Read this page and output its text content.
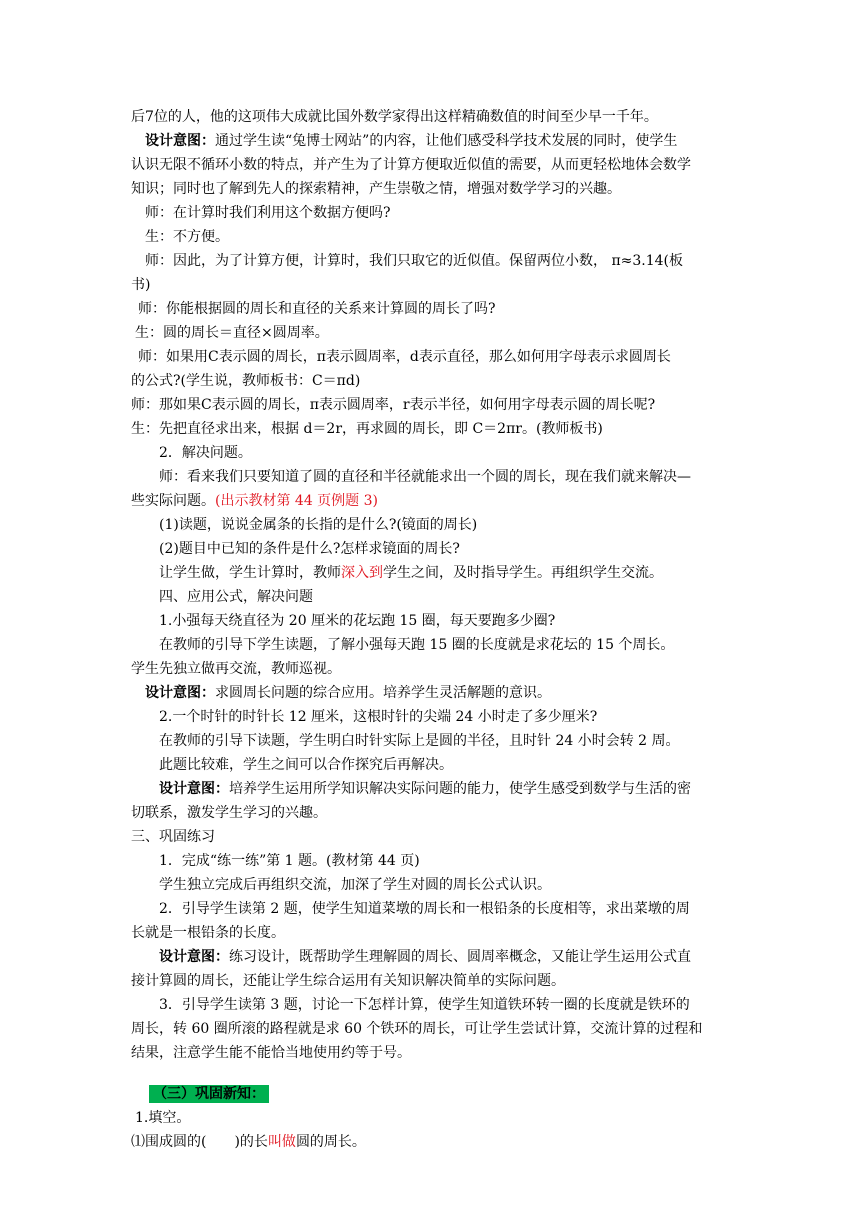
后7位的人，他的这项伟大成就比国外数学家得出这样精确数值的时间至少早一千年。
设计意图：通过学生读“兔博士网站”的内容，让他们感受科学技术发展的同时，使学生
认识无限不循环小数的特点，并产生为了计算方便取近似值的需要，从而更轻松地体会数学
知识；同时也了解到先人的探索精神，产生崇敬之情，增强对数学学习的兴趣。
师：在计算时我们利用这个数据方便吗?
生：不方便。
师：因此，为了计算方便，计算时，我们只取它的近似值。保留两位小数， π≈3.14(板
书)
师：你能根据圆的周长和直径的关系来计算圆的周长了吗?
生：圆的周长＝直径×圆周率。
师：如果用C表示圆的周长，π表示圆周率，d表示直径，那么如何用字母表示求圆周长
的公式?(学生说，教师板书：C＝πd)
师：那如果C表示圆的周长，π表示圆周率，r表示半径，如何用字母表示圆的周长呢?
生：先把直径求出来，根据 d＝2r，再求圆的周长，即 C＝2πr。(教师板书)
2．解决问题。
师：看来我们只要知道了圆的直径和半径就能求出一个圆的周长，现在我们就来解决—
些实际问题。(出示教材第 44 页例题 3)
(1)读题，说说金属条的长指的是什么?(镜面的周长)
(2)题目中已知的条件是什么?怎样求镜面的周长?
让学生做，学生计算时，教师深入到学生之间，及时指导学生。再组织学生交流。
四、应用公式，解决问题
1.小强每天绕直径为 20 厘米的花坛跑 15 圈，每天要跑多少圈?
在教师的引导下学生读题，了解小强每天跑 15 圈的长度就是求花坛的 15 个周长。
学生先独立做再交流，教师巡视。
设计意图：求圆周长问题的综合应用。培养学生灵活解题的意识。
2.一个时针的时针长 12 厘米，这根时针的尖端 24 小时走了多少厘米?
在教师的引导下读题，学生明白时针实际上是圆的半径，且时针 24 小时会转 2 周。
此题比较难，学生之间可以合作探究后再解决。
设计意图：培养学生运用所学知识解决实际问题的能力，使学生感受到数学与生活的密
切联系，激发学生学习的兴趣。
三、巩固练习
1．完成“练一练”第 1 题。(教材第 44 页)
学生独立完成后再组织交流，加深了学生对圆的周长公式认识。
2．引导学生读第 2 题，使学生知道菜墩的周长和一根铅条的长度相等，求出菜墩的周
长就是一根铅条的长度。
设计意图：练习设计，既帮助学生理解圆的周长、圆周率概念，又能让学生运用公式直
接计算圆的周长，还能让学生综合运用有关知识解决简单的实际问题。
3．引导学生读第 3 题，讨论一下怎样计算，使学生知道铁环转一圈的长度就是铁环的
周长，转 60 圈所滚的路程就是求 60 个铁环的周长，可让学生尝试计算，交流计算的过程和
结果，注意学生能不能恰当地使用约等于号。
（三）巩固新知：
1.填空。
⑴围成圆的(　　)的长叫做圆的周长。
